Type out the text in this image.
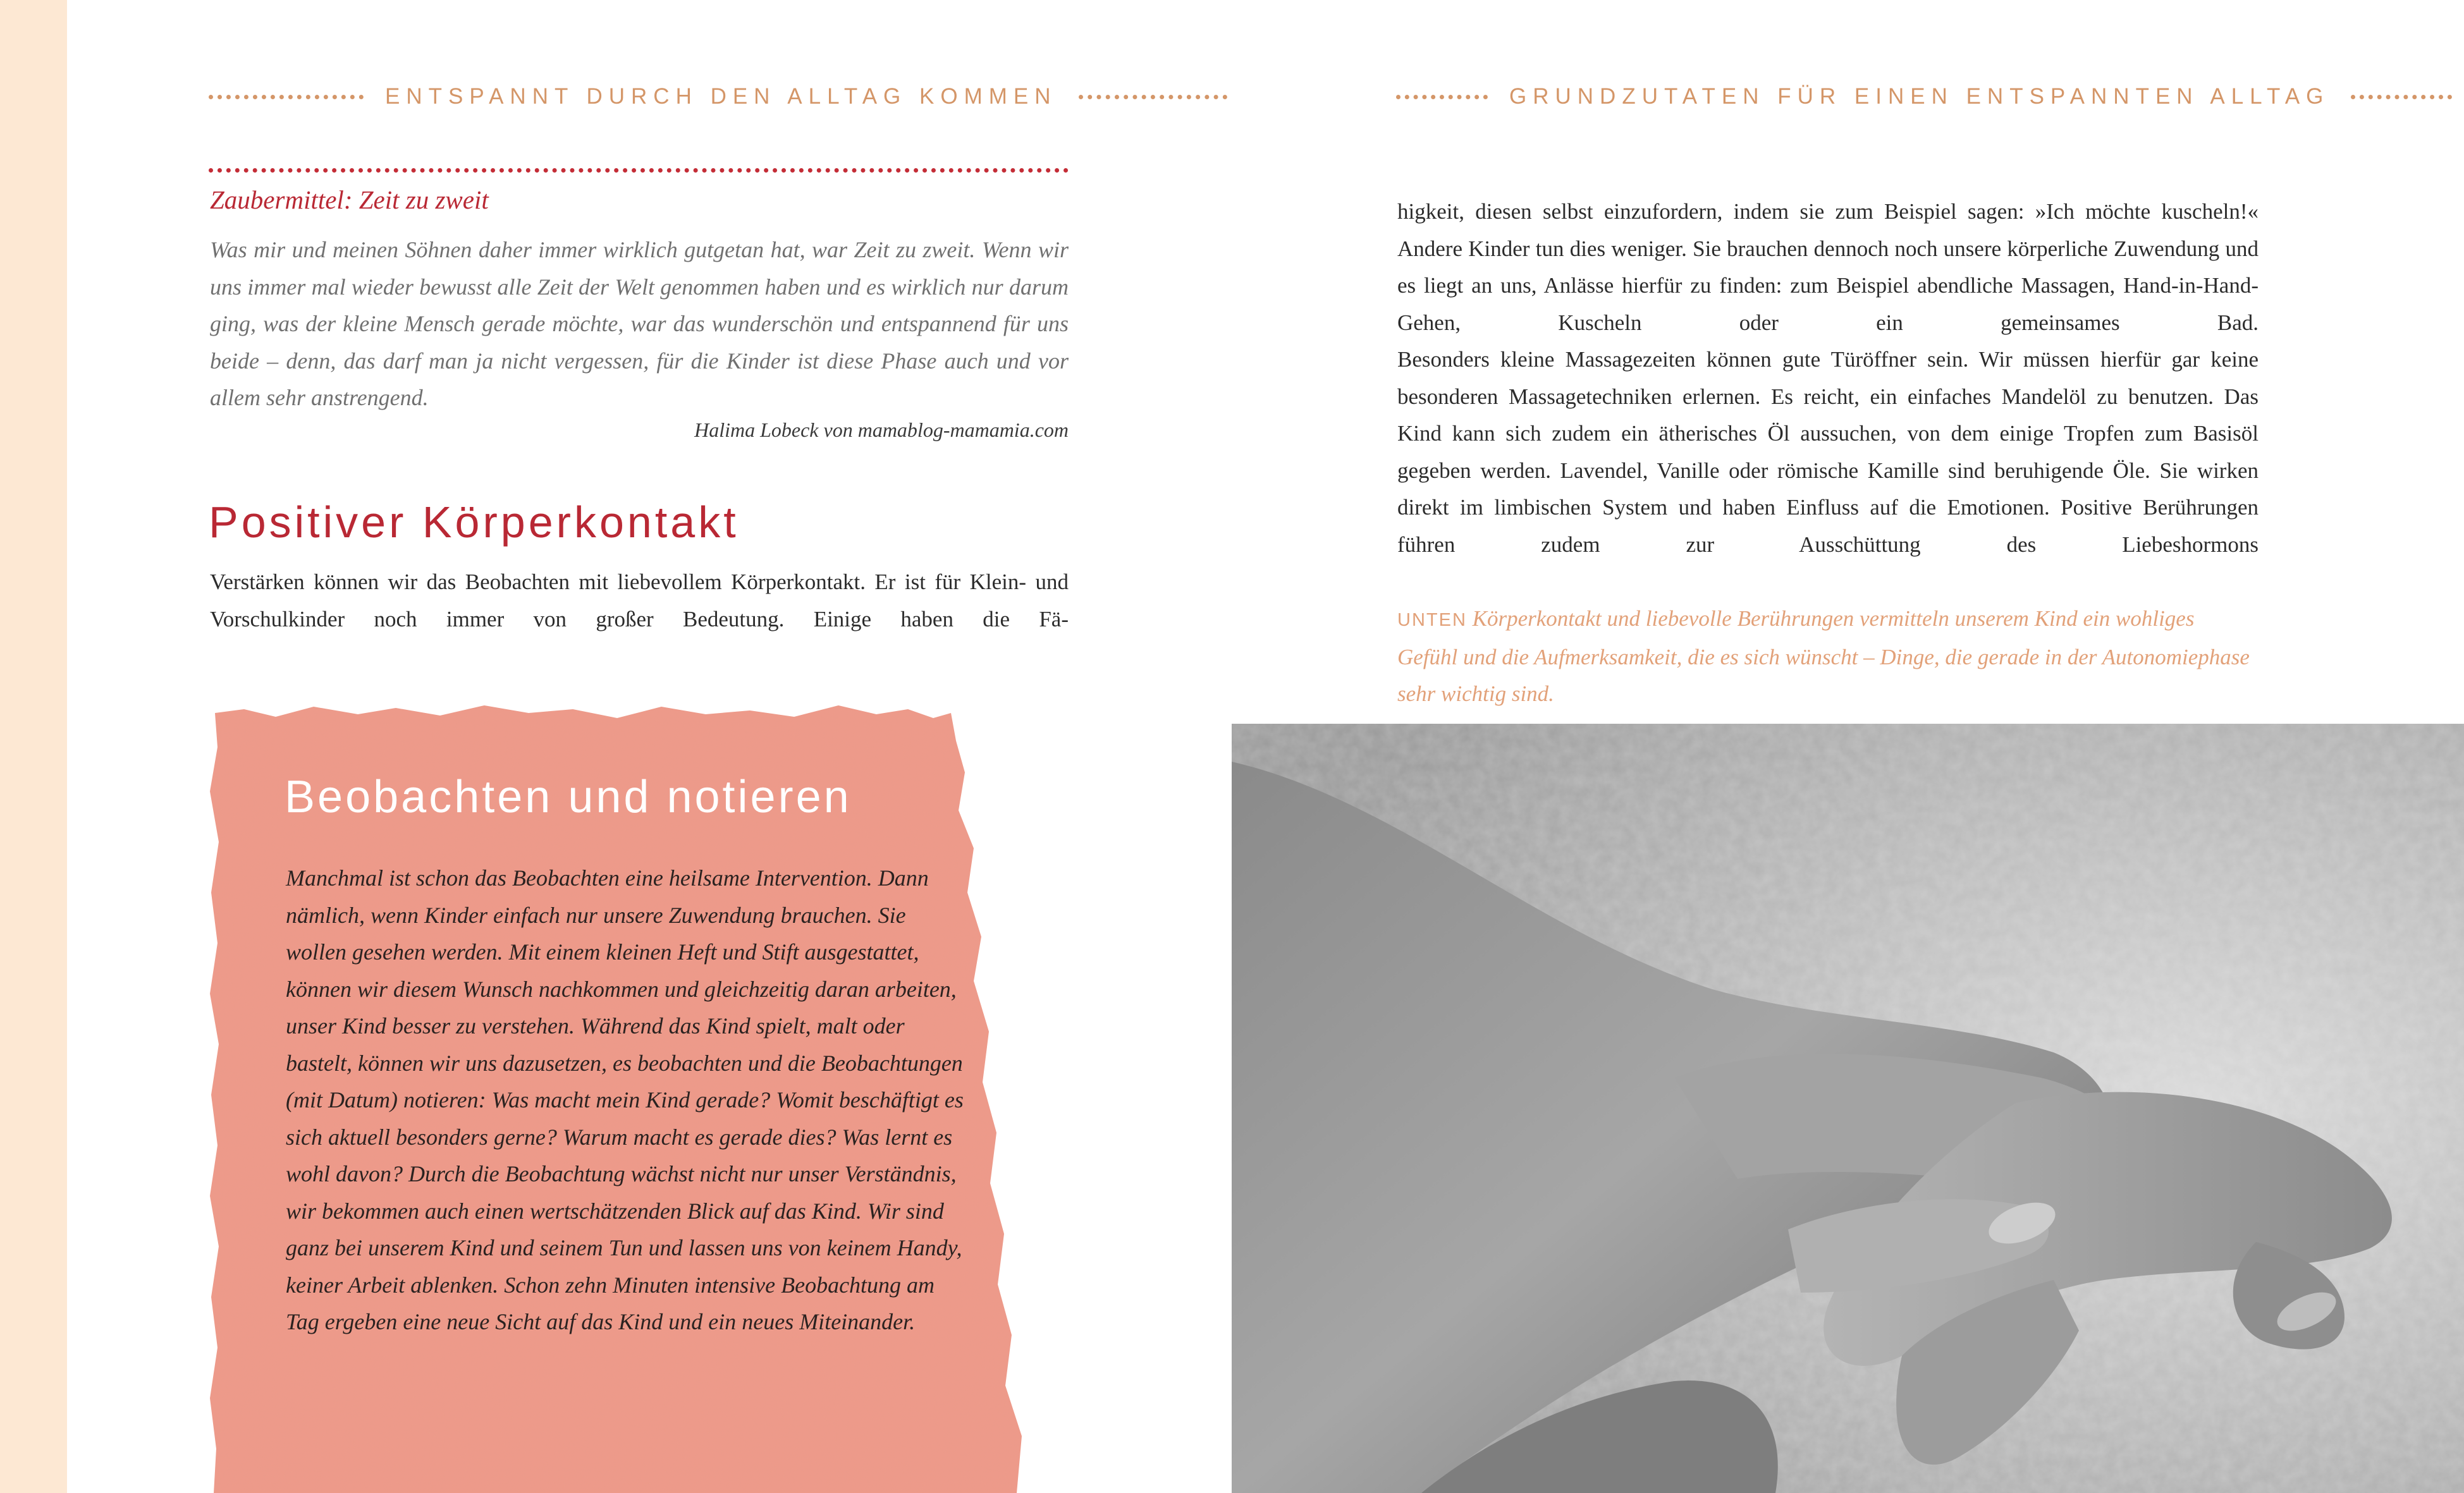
ENTSPANNT DURCH DEN ALLTAG KOMMEN

Zaubermittel: Zeit zu zweit

Was mir und meinen Söhnen daher immer wirklich gutgetan hat, war Zeit zu zweit. Wenn wir uns immer mal wieder bewusst alle Zeit der Welt genommen haben und es wirklich nur darum ging, was der kleine Mensch gerade möchte, war das wunderschön und entspannend für uns beide – denn, das darf man ja nicht vergessen, für die Kinder ist diese Phase auch und vor allem sehr anstrengend.

Halima Lobeck von mamablog-mamamia.com

Positiver Körperkontakt

Verstärken können wir das Beobachten mit liebevollem Körperkontakt. Er ist für Klein- und Vorschulkinder noch immer von großer Bedeutung. Einige haben die Fä-

Beobachten und notieren

Manchmal ist schon das Beobachten eine heilsame Intervention. Dann nämlich, wenn Kinder einfach nur unsere Zuwendung brauchen. Sie wollen gesehen werden. Mit einem kleinen Heft und Stift ausgestattet, können wir diesem Wunsch nachkommen und gleichzeitig daran arbeiten, unser Kind besser zu verstehen. Während das Kind spielt, malt oder bastelt, können wir uns dazusetzen, es beobachten und die Beobachtungen (mit Datum) notieren: Was macht mein Kind gerade? Womit beschäftigt es sich aktuell besonders gerne? Warum macht es gerade dies? Was lernt es wohl davon? Durch die Beobachtung wächst nicht nur unser Verständnis, wir bekommen auch einen wertschätzenden Blick auf das Kind. Wir sind ganz bei unserem Kind und seinem Tun und lassen uns von keinem Handy, keiner Arbeit ablenken. Schon zehn Minuten intensive Beobachtung am Tag ergeben eine neue Sicht auf das Kind und ein neues Miteinander.

GRUNDZUTATEN FÜR EINEN ENTSPANNTEN ALLTAG
higkeit, diesen selbst einzufordern, indem sie zum Beispiel sagen: »Ich möchte kuscheln!« Andere Kinder tun dies weniger. Sie brauchen dennoch noch unsere körperliche Zuwendung und es liegt an uns, Anlässe hierfür zu finden: zum Beispiel abendliche Massagen, Hand-in-Hand-Gehen, Kuscheln oder ein gemeinsames Bad.
Besonders kleine Massagezeiten können gute Türöffner sein. Wir müssen hierfür gar keine besonderen Massagetechniken erlernen. Es reicht, ein einfaches Mandelöl zu benutzen. Das Kind kann sich zudem ein ätherisches Öl aussuchen, von dem einige Tropfen zum Basisöl gegeben werden. Lavendel, Vanille oder römische Kamille sind beruhigende Öle. Sie wirken direkt im limbischen System und haben Einfluss auf die Emotionen. Positive Berührungen führen zudem zur Ausschüttung des Liebeshormons

UNTEN Körperkontakt und liebevolle Berührungen vermitteln unserem Kind ein wohliges Gefühl und die Aufmerksamkeit, die es sich wünscht – Dinge, die gerade in der Autonomiephase sehr wichtig sind.
